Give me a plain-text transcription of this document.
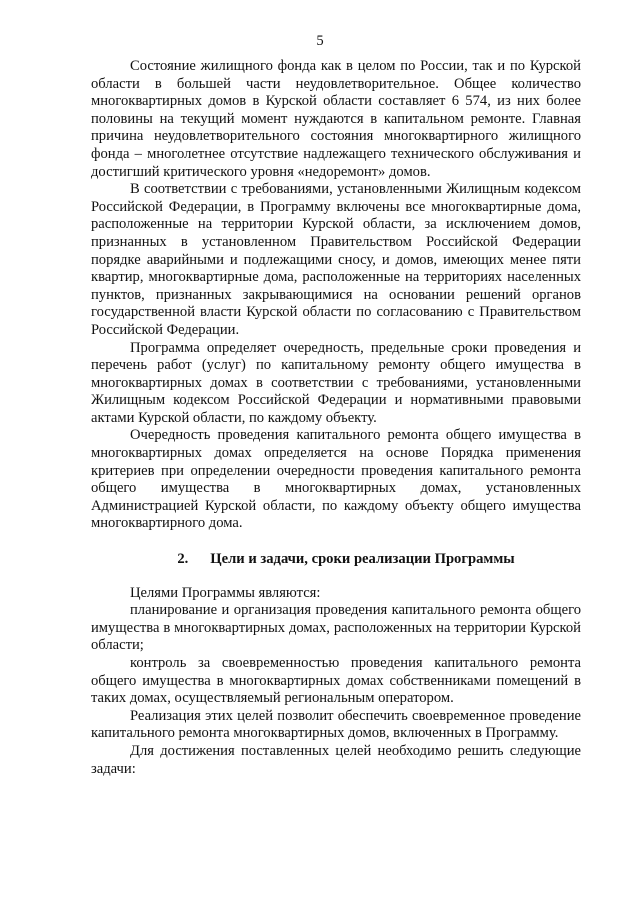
5

Состояние жилищного фонда как в целом по России, так и по Курской области в большей части неудовлетворительное. Общее количество многоквартирных домов в Курской области составляет 6 574, из них более половины на текущий момент нуждаются в капитальном ремонте. Главная причина неудовлетворительного состояния многоквартирного жилищного фонда – многолетнее отсутствие надлежащего технического обслуживания и достигший критического уровня «недоремонт» домов.

В соответствии с требованиями, установленными Жилищным кодексом Российской Федерации, в Программу включены все многоквартирные дома, расположенные на территории Курской области, за исключением домов, признанных в установленном Правительством Российской Федерации порядке аварийными и подлежащими сносу, и домов, имеющих менее пяти квартир, многоквартирные дома, расположенные на территориях населенных пунктов, признанных закрывающимися на основании решений органов государственной власти Курской области по согласованию с Правительством Российской Федерации.

Программа определяет очередность, предельные сроки проведения и перечень работ (услуг) по капитальному ремонту общего имущества в многоквартирных домах в соответствии с требованиями, установленными Жилищным кодексом Российской Федерации и нормативными правовыми актами Курской области, по каждому объекту.

Очередность проведения капитального ремонта общего имущества в многоквартирных домах определяется на основе Порядка применения критериев при определении очередности проведения капитального ремонта общего имущества в многоквартирных домах, установленных Администрацией Курской области, по каждому объекту общего имущества многоквартирного дома.

2. Цели и задачи, сроки реализации Программы

Целями Программы являются:

планирование и организация проведения капитального ремонта общего имущества в многоквартирных домах, расположенных на территории Курской области;

контроль за своевременностью проведения капитального ремонта общего имущества в многоквартирных домах собственниками помещений в таких домах, осуществляемый региональным оператором.

Реализация этих целей позволит обеспечить своевременное проведение капитального ремонта многоквартирных домов, включенных в Программу.

Для достижения поставленных целей необходимо решить следующие задачи:
